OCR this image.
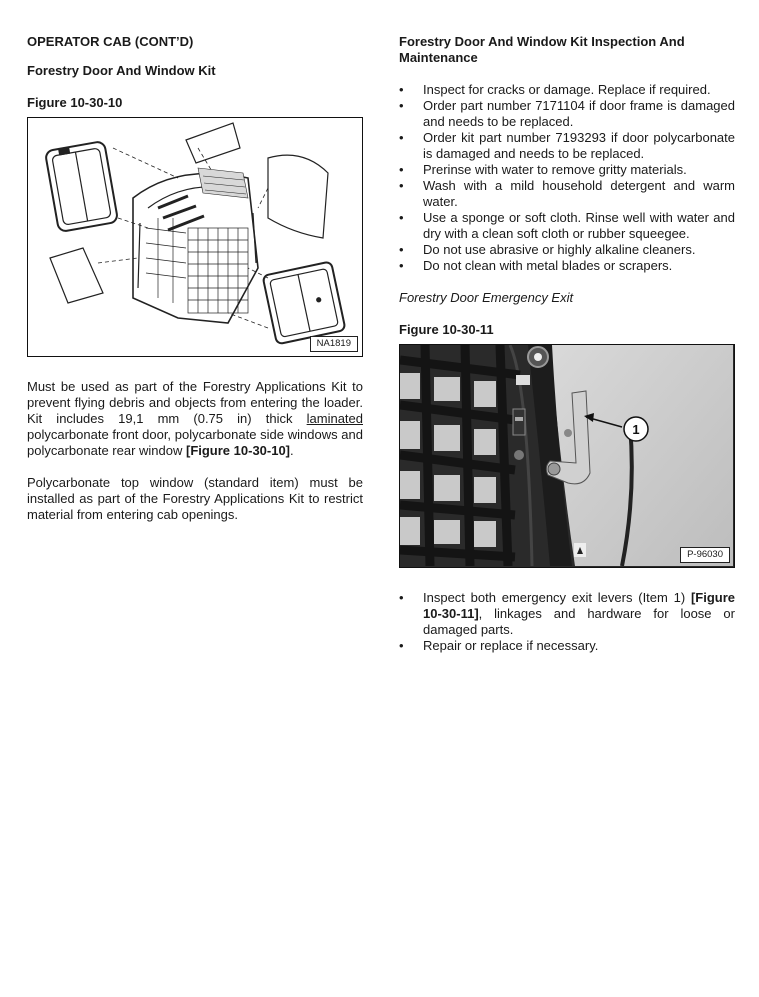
OPERATOR CAB (CONT’D)
Forestry Door And Window Kit
Figure 10-30-10
NA1819

Must be used as part of the Forestry Applications Kit to prevent flying debris and objects from entering the loader. Kit includes 19,1 mm (0.75 in) thick laminated polycarbonate front door, polycarbonate side windows and polycarbonate rear window [Figure 10-30-10].

Polycarbonate top window (standard item) must be installed as part of the Forestry Applications Kit to restrict material from entering cab openings.

Forestry Door And Window Kit Inspection And Maintenance
• Inspect for cracks or damage. Replace if required.
• Order part number 7171104 if door frame is damaged and needs to be replaced.
• Order kit part number 7193293 if door polycarbonate is damaged and needs to be replaced.
• Prerinse with water to remove gritty materials.
• Wash with a mild household detergent and warm water.
• Use a sponge or soft cloth. Rinse well with water and dry with a clean soft cloth or rubber squeegee.
• Do not use abrasive or highly alkaline cleaners.
• Do not clean with metal blades or scrapers.
Forestry Door Emergency Exit
Figure 10-30-11
1
P-96030
• Inspect both emergency exit levers (Item 1) [Figure 10-30-11], linkages and hardware for loose or damaged parts.
• Repair or replace if necessary.
